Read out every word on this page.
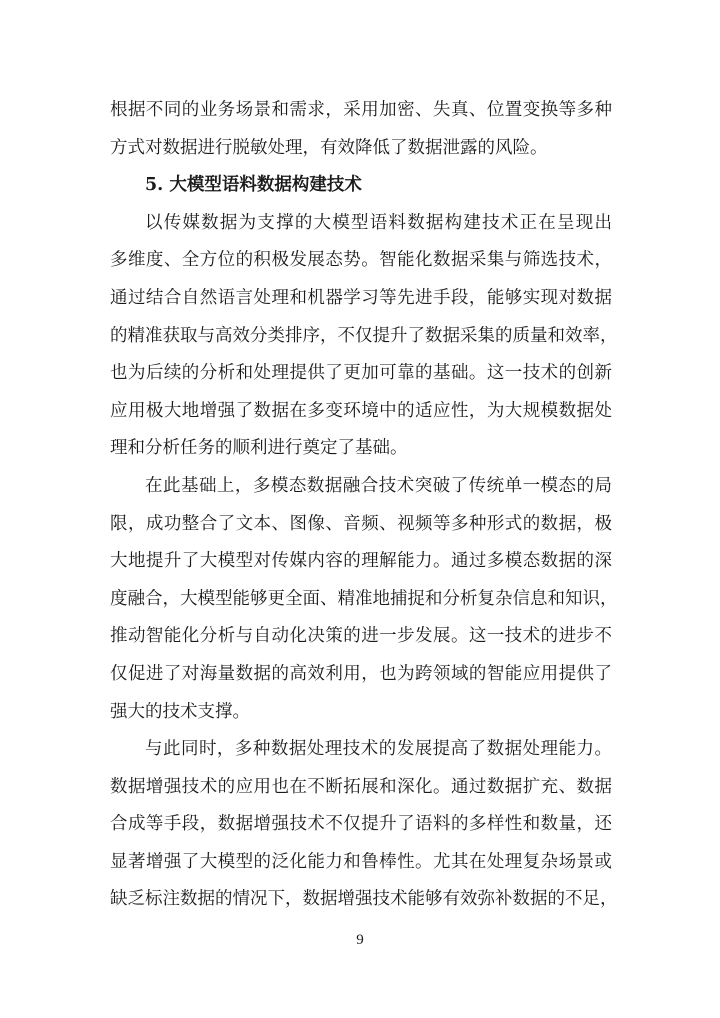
根据不同的业务场景和需求，采用加密、失真、位置变换等多种
方式对数据进行脱敏处理，有效降低了数据泄露的风险。
5. 大模型语料数据构建技术
以传媒数据为支撑的大模型语料数据构建技术正在呈现出
多维度、全方位的积极发展态势。智能化数据采集与筛选技术，
通过结合自然语言处理和机器学习等先进手段，能够实现对数据
的精准获取与高效分类排序，不仅提升了数据采集的质量和效率，
也为后续的分析和处理提供了更加可靠的基础。这一技术的创新
应用极大地增强了数据在多变环境中的适应性，为大规模数据处
理和分析任务的顺利进行奠定了基础。
在此基础上，多模态数据融合技术突破了传统单一模态的局
限，成功整合了文本、图像、音频、视频等多种形式的数据，极
大地提升了大模型对传媒内容的理解能力。通过多模态数据的深
度融合，大模型能够更全面、精准地捕捉和分析复杂信息和知识，
推动智能化分析与自动化决策的进一步发展。这一技术的进步不
仅促进了对海量数据的高效利用，也为跨领域的智能应用提供了
强大的技术支撑。
与此同时，多种数据处理技术的发展提高了数据处理能力。
数据增强技术的应用也在不断拓展和深化。通过数据扩充、数据
合成等手段，数据增强技术不仅提升了语料的多样性和数量，还
显著增强了大模型的泛化能力和鲁棒性。尤其在处理复杂场景或
缺乏标注数据的情况下，数据增强技术能够有效弥补数据的不足，
9
